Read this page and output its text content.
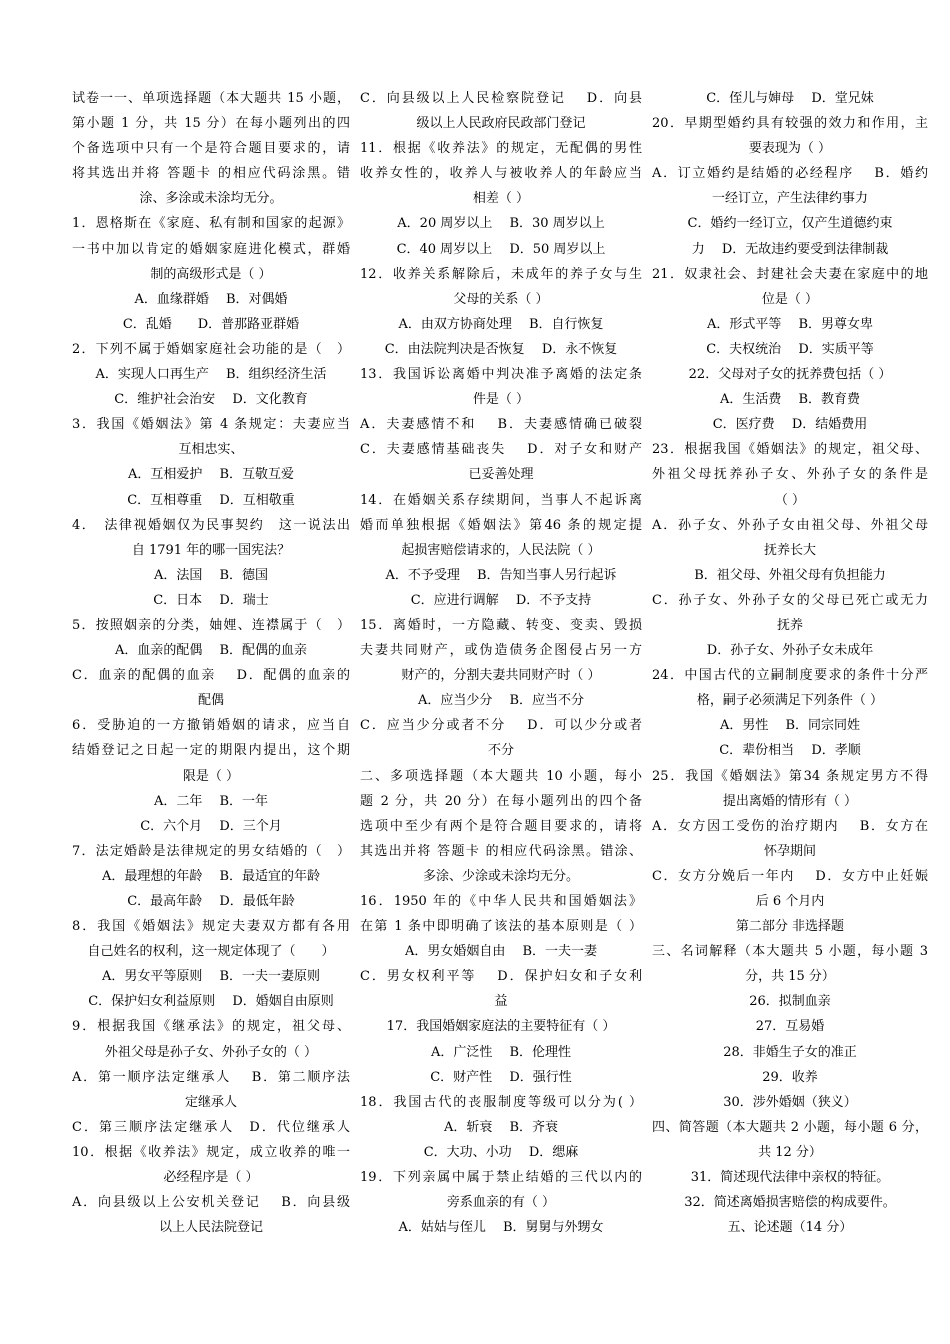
试卷一一、单项选择题（本大题共 15 小题，
第小题 1 分，共 15 分）在每小题列出的四
个备选项中只有一个是符合题目要求的，请
将其选出并将 答题卡 的相应代码涂黑。错
涂、多涂或未涂均无分。
1．恩格斯在《家庭、私有制和国家的起源》
一书中加以肯定的婚姻家庭进化模式，群婚
制的高级形式是（ ）
A．血缘群婚　 B．对偶婚
C．乱婚　　D．普那路亚群婚
2．下列不属于婚姻家庭社会功能的是（　）
A．实现人口再生产　 B．组织经济生活
C．维护社会治安　 D．文化教育
3．我国《婚姻法》第 4 条规定：夫妻应当
互相忠实、
A．互相爱护　 B．互敬互爱
C．互相尊重　 D．互相敬重
4．　法律视婚姻仅为民事契约　这一说法出
自 1791 年的哪一国宪法？
A．法国　 B．德国
C．日本　 D．瑞士
5．按照姻亲的分类，妯娌、连襟属于（　）
A．血亲的配偶　 B．配偶的血亲
C．血亲的配偶的血亲　 D．配偶的血亲的
配偶
6．受胁迫的一方撤销婚姻的请求，应当自
结婚登记之日起一定的期限内提出，这个期
限是（ ）
A．二年　 B．一年
C．六个月　 D．三个月
7．法定婚龄是法律规定的男女结婚的（　）
A．最理想的年龄　 B．最适宜的年龄
C．最高年龄　 D．最低年龄
8．我国《婚姻法》规定夫妻双方都有各用
自己姓名的权利，这一规定体现了（　　）
A．男女平等原则　 B．一夫一妻原则
C．保护妇女利益原则　 D．婚姻自由原则
9．根据我国《继承法》的规定，祖父母、
外祖父母是孙子女、外孙子女的（ ）
A．第一顺序法定继承人　 B．第二顺序法
定继承人
C．第三顺序法定继承人　D．代位继承人
10．根据《收养法》规定，成立收养的唯一
必经程序是（ ）
A．向县级以上公安机关登记　 B．向县级
以上人民法院登记
C．向县级以上人民检察院登记　 D．向县
级以上人民政府民政部门登记
11．根据《收养法》的规定，无配偶的男性
收养女性的，收养人与被收养人的年龄应当
相差（ ）
A．20 周岁以上　 B．30 周岁以上
C．40 周岁以上　 D．50 周岁以上
12．收养关系解除后，未成年的养子女与生
父母的关系（ ）
A．由双方协商处理　 B．自行恢复
C．由法院判决是否恢复　 D．永不恢复
13．我国诉讼离婚中判决准予离婚的法定条
件是（ ）
A．夫妻感情不和　 B．夫妻感情确已破裂
C．夫妻感情基础丧失　 D．对子女和财产
已妥善处理
14．在婚姻关系存续期间，当事人不起诉离
婚而单独根据《婚姻法》第46 条的规定提
起损害赔偿请求的，人民法院（ ）
A．不予受理　 B．告知当事人另行起诉
C．应进行调解　 D．不予支持
15．离婚时，一方隐藏、转变、变卖、毁损
夫妻共同财产，或伪造债务企图侵占另一方
财产的，分割夫妻共同财产时（ ）
A．应当少分　 B．应当不分
C．应当少分或者不分　 D．可以少分或者
不分
二、多项选择题（本大题共 10 小题，每小
题 2 分，共 20 分）在每小题列出的四个备
选项中至少有两个是符合题目要求的，请将
其选出并将 答题卡 的相应代码涂黑。错涂、
多涂、少涂或未涂均无分。
16．1950 年的《中华人民共和国婚姻法》
在第 1 条中即明确了该法的基本原则是（ ）
A．男女婚姻自由　 B．一夫一妻
C．男女权利平等　 D．保护妇女和子女利
益
17．我国婚姻家庭法的主要特征有（ ）
A．广泛性　 B．伦理性
C．财产性　 D．强行性
18．我国古代的丧服制度等级可以分为( ）
A．斩衰　 B．齐衰
C．大功、小功　 D．缌麻
19．下列亲属中属于禁止结婚的三代以内的
旁系血亲的有（ ）
A．姑姑与侄儿　 B．舅舅与外甥女
C．侄儿与婶母　 D．堂兄妹
20．早期型婚约具有较强的效力和作用，主
要表现为（ ）
A．订立婚约是结婚的必经程序　 B．婚约
一经订立，产生法律约事力
C．婚约一经订立，仅产生道德约束
力　 D．无故违约要受到法律制裁
21．奴隶社会、封建社会夫妻在家庭中的地
位是（ ）
A．形式平等　 B．男尊女卑
C．夫权统治　 D．实质平等
22．父母对子女的抚养费包括（ ）
A．生活费　 B．教育费
C．医疗费　 D．结婚费用
23．根据我国《婚姻法》的规定，祖父母、
外祖父母抚养孙子女、外孙子女的条件是
（ ）
A．孙子女、外孙子女由祖父母、外祖父母
抚养长大
B．祖父母、外祖父母有负担能力
C．孙子女、外孙子女的父母已死亡或无力
抚养
D．孙子女、外孙子女未成年
24．中国古代的立嗣制度要求的条件十分严
格，嗣子必须满足下列条件（ ）
A．男性　 B．同宗同姓
C．辈份相当　 D．孝顺
25．我国《婚姻法》第34 条规定男方不得
提出离婚的情形有（ ）
A．女方因工受伤的治疗期内　 B．女方在
怀孕期间
C．女方分娩后一年内　 D．女方中止妊娠
后 6 个月内
第二部分 非选择题
三、名词解释（本大题共 5 小题，每小题 3
分，共 15 分）
26．拟制血亲
27．互易婚
28．非婚生子女的准正
29．收养
30．涉外婚姻（狭义）
四、简答题（本大题共 2 小题，每小题 6 分，
共 12 分）
31．简述现代法律中亲权的特征。
32．简述离婚损害赔偿的构成要件。
五、论述题（14 分）
